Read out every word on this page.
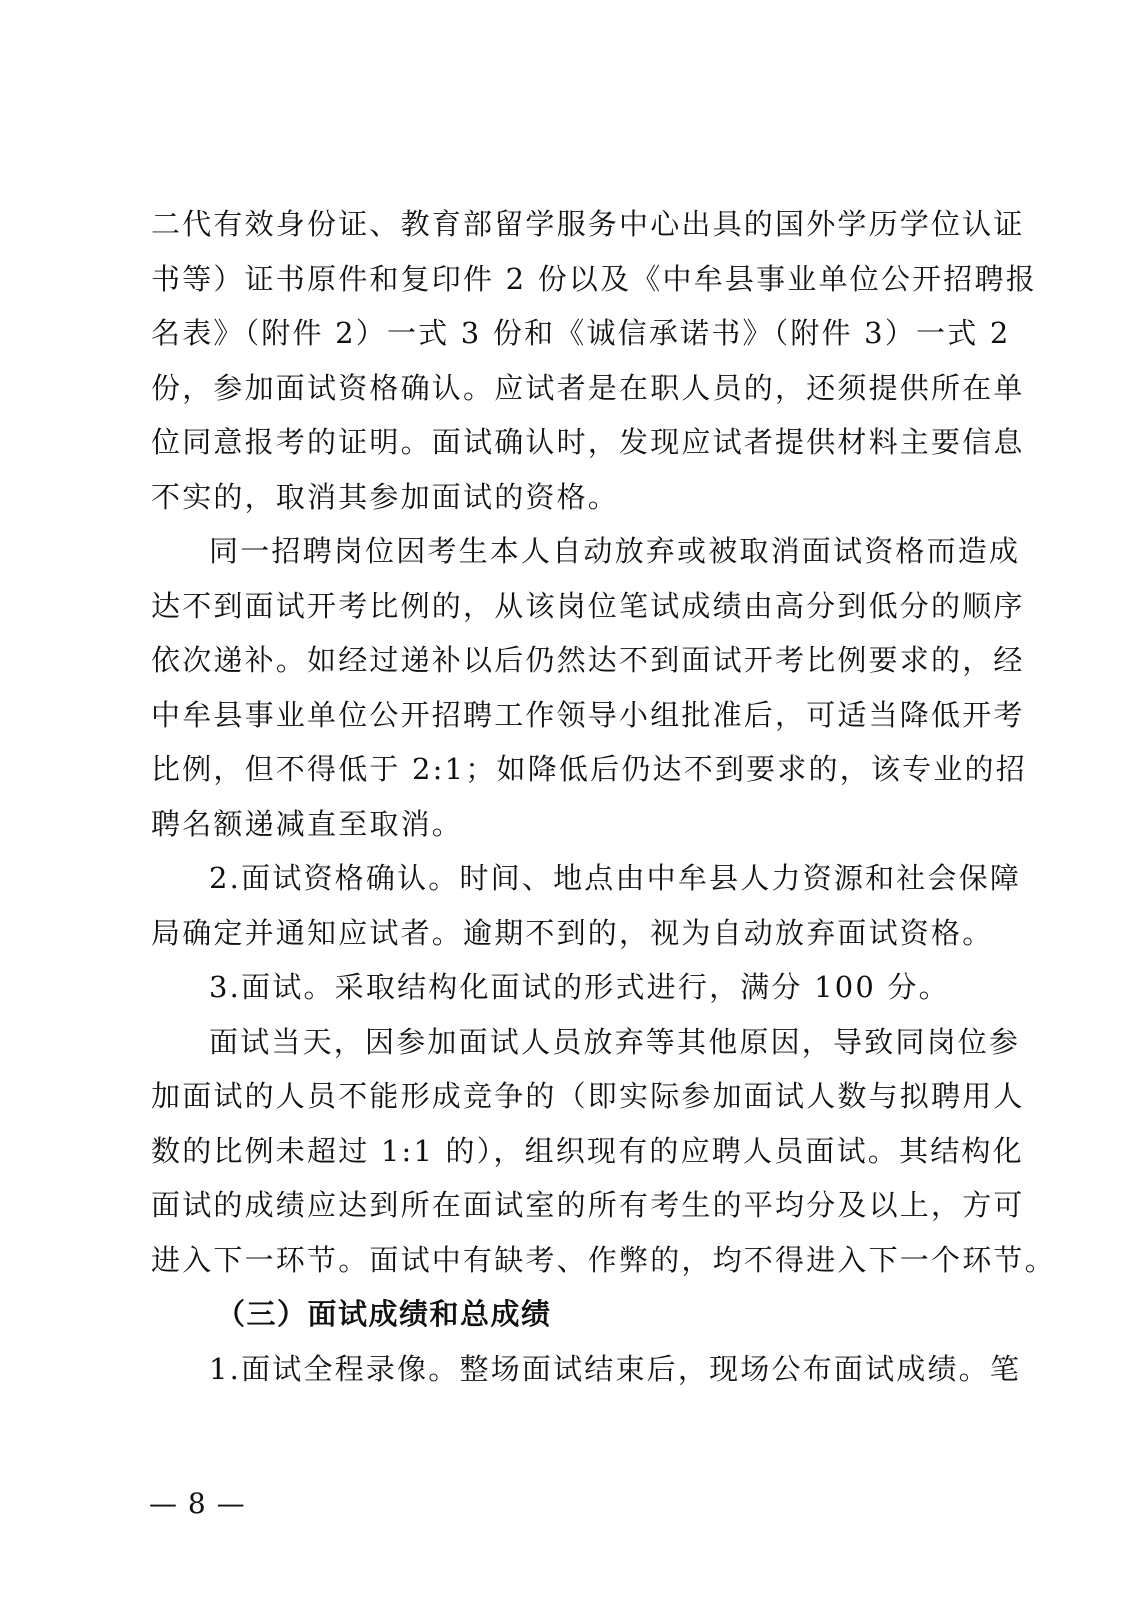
二代有效身份证、教育部留学服务中心出具的国外学历学位认证
书等）证书原件和复印件 2 份以及《中牟县事业单位公开招聘报
名表》（附件 2）一式 3 份和《诚信承诺书》（附件 3）一式 2
份，参加面试资格确认。应试者是在职人员的，还须提供所在单
位同意报考的证明。面试确认时，发现应试者提供材料主要信息
不实的，取消其参加面试的资格。
同一招聘岗位因考生本人自动放弃或被取消面试资格而造成
达不到面试开考比例的，从该岗位笔试成绩由高分到低分的顺序
依次递补。如经过递补以后仍然达不到面试开考比例要求的，经
中牟县事业单位公开招聘工作领导小组批准后，可适当降低开考
比例，但不得低于 2:1；如降低后仍达不到要求的，该专业的招
聘名额递减直至取消。
2.面试资格确认。时间、地点由中牟县人力资源和社会保障
局确定并通知应试者。逾期不到的，视为自动放弃面试资格。
3.面试。采取结构化面试的形式进行，满分 100 分。
面试当天，因参加面试人员放弃等其他原因，导致同岗位参
加面试的人员不能形成竞争的（即实际参加面试人数与拟聘用人
数的比例未超过 1:1 的），组织现有的应聘人员面试。其结构化
面试的成绩应达到所在面试室的所有考生的平均分及以上，方可
进入下一环节。面试中有缺考、作弊的，均不得进入下一个环节。
（三）面试成绩和总成绩
1.面试全程录像。整场面试结束后，现场公布面试成绩。笔
— 8 —
